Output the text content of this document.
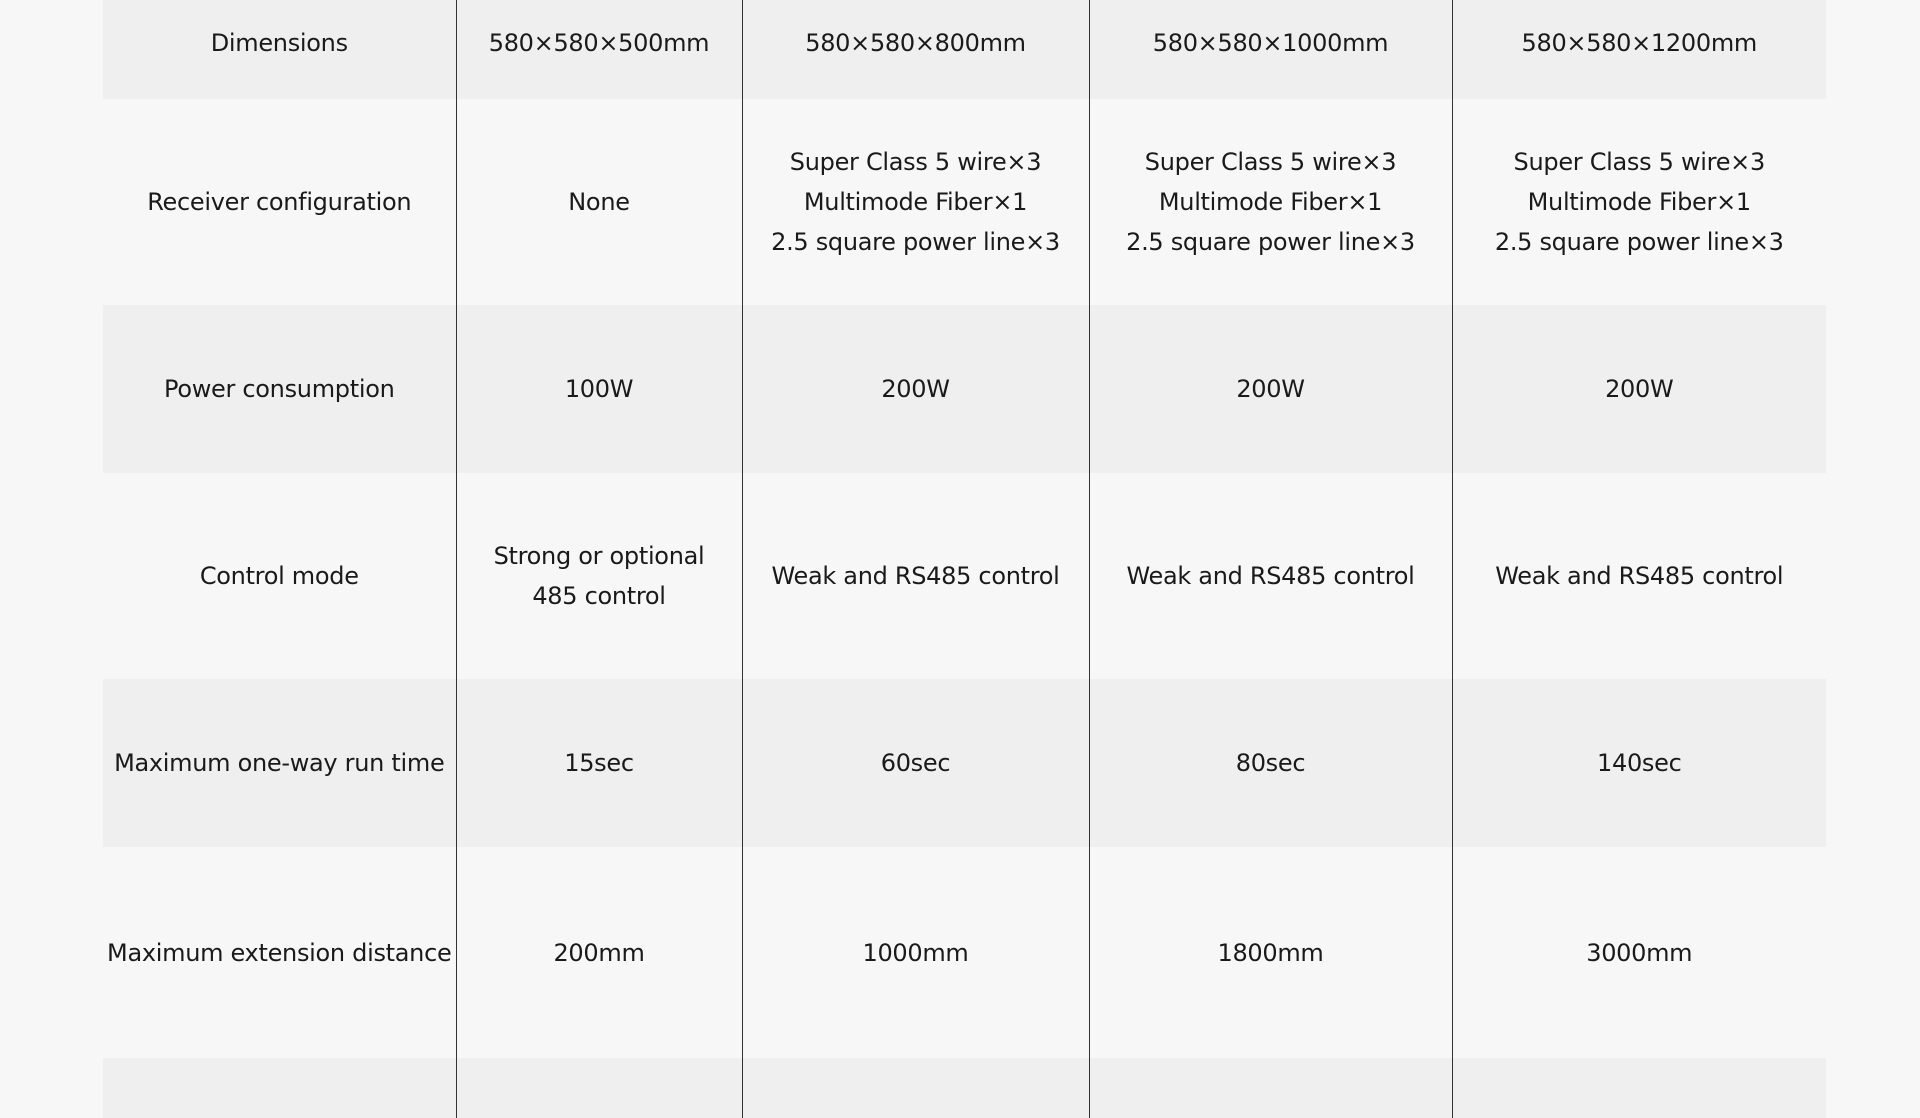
Dimensions	580×580×500mm	580×580×800mm	580×580×1000mm	580×580×1200mm

Receiver configuration	None	Super Class 5 wire×3
Multimode Fiber×1
2.5 square power line×3	Super Class 5 wire×3
Multimode Fiber×1
2.5 square power line×3	Super Class 5 wire×3
Multimode Fiber×1
2.5 square power line×3

Power consumption	100W	200W	200W	200W

Control mode	Strong or optional
485 control	Weak and RS485 control	Weak and RS485 control	Weak and RS485 control

Maximum one-way run time	15sec	60sec	80sec	140sec

Maximum extension distance	200mm	1000mm	1800mm	3000mm
